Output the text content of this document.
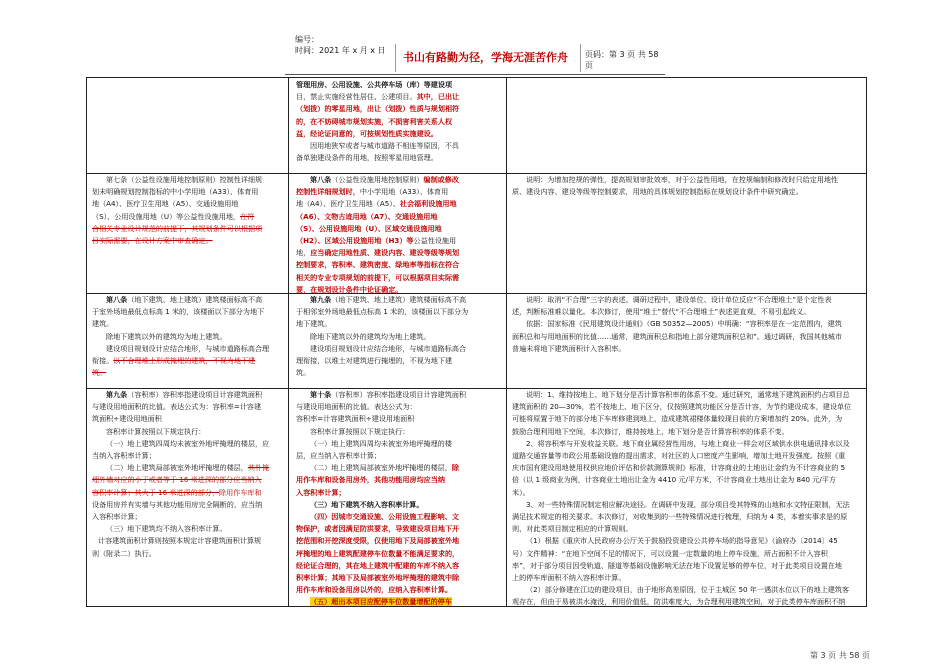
编号：
时间：2021 年 x 月 x 日
书山有路勤为径，学海无涯苦作舟 页码：第 3 页 共 58 页

管理用房、公用设施、公共停车场（库）等建设项

目，禁止实施经营性居住、公建项目。其中，已出让

（划拨）的零星用地，出让（划拨）性质与规划相符

的，在不妨碍城市规划实施，不损害利害关系人权

益，经论证同意的，可按规划性质实施建设。

因用地狭窄或者与城市道路不相连等原因，不具

备单独建设条件的用地，按照零星用地管理。

第七条（公益性设施用地控制原则）控制性详细规

划未明确规划控制指标的中小学用地（A33）、体育用

地（A4）、医疗卫生用地（A5）、交通设施用地

（S）、公用设施用地（U）等公益性设施用地，在符

合相关专业设计规范的前提下，其规划条件可以根据项

目实际需要，在设计方案中审查确定。

第八条（公益性设施用地控制原则）编制或修改

控制性详细规划时，中小学用地（A33）、体育用

地（A4）、医疗卫生用地（A5）、社会福利设施用地

（A6）、文物古迹用地（A7）、交通设施用地

（S）、公用设施用地（U）、区域交通设施用地

（H2）、区域公用设施用地（H3）等公益性设施用

地，应当确定用地性质、建设内容、建设等级等规划

控制要求，容积率、建筑密度、绿地率等指标在符合

相关的专业专项规划的前提下，可以根据项目实际需

要，在规划设计条件中论证确定。

说明：为增加控规的弹性，提高规划审批效率，对于公益性用地，在控规编制和修改时只给定用地性

质、建设内容、建设等级等控制要求，用地的具体规划控制指标在规划设计条件中研究确定。

第八条（地下建筑、地上建筑）建筑楼面标高不高

于室外场地最低点标高 1 米的，该楼面以下部分为地下

建筑。

除地下建筑以外的建筑均为地上建筑。

建设项目规划设计应结合地形，与城市道路标高合理

衔接。以不合理堆土形成掩埋的建筑，不视为地下建

筑。

第九条（地下建筑、地上建筑）建筑楼面标高不高

于相邻室外场地最低点标高 1 米的，该楼面以下部分为

地下建筑。

除地下建筑以外的建筑均为地上建筑。

建设项目规划设计应结合地形，与城市道路标高合

理衔接，以堆土对建筑进行掩埋的，不视为地下建

筑。

说明：取消“不合理”三字的表述。调研过程中，建设单位、设计单位反应“不合理堆土”是个定性表

述，判断标准难以量化。本次修订，使用“堆土”替代“不合理堆土”表述更直观，不易引起歧义。

依据：国家标准《民用建筑设计通则》（GB 50352—2005）中明确：“容积率是在一定范围内，建筑

面积总和与用地面积的比值……通常，建筑面积总和指地上部分建筑面积总和”。通过调研，我国其他城市

普遍未将地下建筑面积计入容积率。

第九条（容积率）容积率指建设项目计容建筑面积

与建设用地面积的比值。表达公式为：容积率=计容建

筑面积÷建设用地面积

容积率计算按照以下规定执行：

（一）地上建筑四周均未被室外地坪掩埋的楼层，应

当纳入容积率计算；

（二）地上建筑局部被室外地坪掩埋的楼层，其朴掩

埋外墙对应的小于或者等于 16 米进深的部分应当纳入

容积率计算；其大于 16 米进深的部分，除用作车库和

设备用房并有实墙与其他功能用房完全隔断的，应当纳

入容积率计算；

（三）地下建筑均不纳入容积率计算。

计容建筑面积计算则按照本规定计容建筑面积计算规

则（附录二）执行。

第十条（容积率）容积率指建设项目计容建筑面积

与建设用地面积的比值。表达公式为：

容积率=计容建筑面积÷建设用地面积

容积率计算按照以下规定执行：

（一）地上建筑四周均未被室外地坪掩埋的楼

层，应当纳入容积率计算；

（二）地上建筑局部被室外地坪掩埋的楼层，除

用作车库和设备用房外，其他功能用房均应当纳

入容积率计算；

（三）地下建筑不纳入容积率计算。

（四）因城市交通设施、公用设施工程影响、文

物保护，或者因满足防洪要求，导致建设项目地下开

挖范围和开挖深度受限，仅使用地下及局部被室外地

坪掩埋的地上建筑配建停车位数量不能满足要求的，

经论证合理的，其在地上建筑中配建的车库不纳入容

积率计算；其地下及局部被室外地坪掩埋的建筑中除

用作车库和设备用房以外的，应纳入容积率计算。

（五）超出本项目应配停车位数量增配的停车

说明：1、维持按地上、地下划分是否计算容积率的体系不变。通过研究，通常地下建筑面积约占项目总

建筑面积的 20—30%，若不按地上、地下区分，仅按照建筑功能区分是否计容，为节约建设成本，建设单位

可能将原置于地下的部分地下车库修建到地上，造成建筑裙楼体量较现目前的方案增加约 20%。此外，为

鼓励合理利用地下空间，本次修订，维持按地上、地下划分是否计算容积率的体系不变。

2、将容积率与开发收益关联。地下商业属经营性用房，与地上商业一样会对区域供水供电通讯排水以及

道路交通容量等市政公用基础设施的提出需求，对社区的人口密度产生影响，增加土地开发强度。按照《重

庆市国有建设用地使用权供应地价评估和价款测算规则》标准，计容商业的土地出让金约为不计容商业的 5

倍（以 1 级商业为例，计容商业土地出让金为 4410 元/平方米，不计容商业土地出让金为 840 元/平方

米）。

3、对一些特殊情况制定相应解决途径。在调研中发现，部分项目受其特殊的山地和水文特征限制，无法

满足技术规定的相关要求。本次修订，对收集到的一些特殊情况进行梳理，归纳为 4 类，本着实事求是的原

则，对此类项目制定相应的计算规则。

（1）根据《重庆市人民政府办公厅关于鼓励投资建设公共停车场的指导意见》（渝府办〔2014〕45

号）文件精神：“在地下空间不足的情况下，可以设置一定数量的地上停车设施，所占面积不计入容积

率”，对于部分项目因受轨道、隧道等基础设施影响无法在地下设置足够的停车位，对于此类项目设置在地

上的停车库面积不纳入容积率计算。

（2）部分修建在江边的建设项目，由于地形高差原因，位于主城区 50 年一遇洪水位以下的地上建筑客

观存在，但由于易被洪水淹没，利用价值低，防洪难度大，为合理利用建筑空间，对于此类停车库面积不纳

第 3 页 共 58 页
